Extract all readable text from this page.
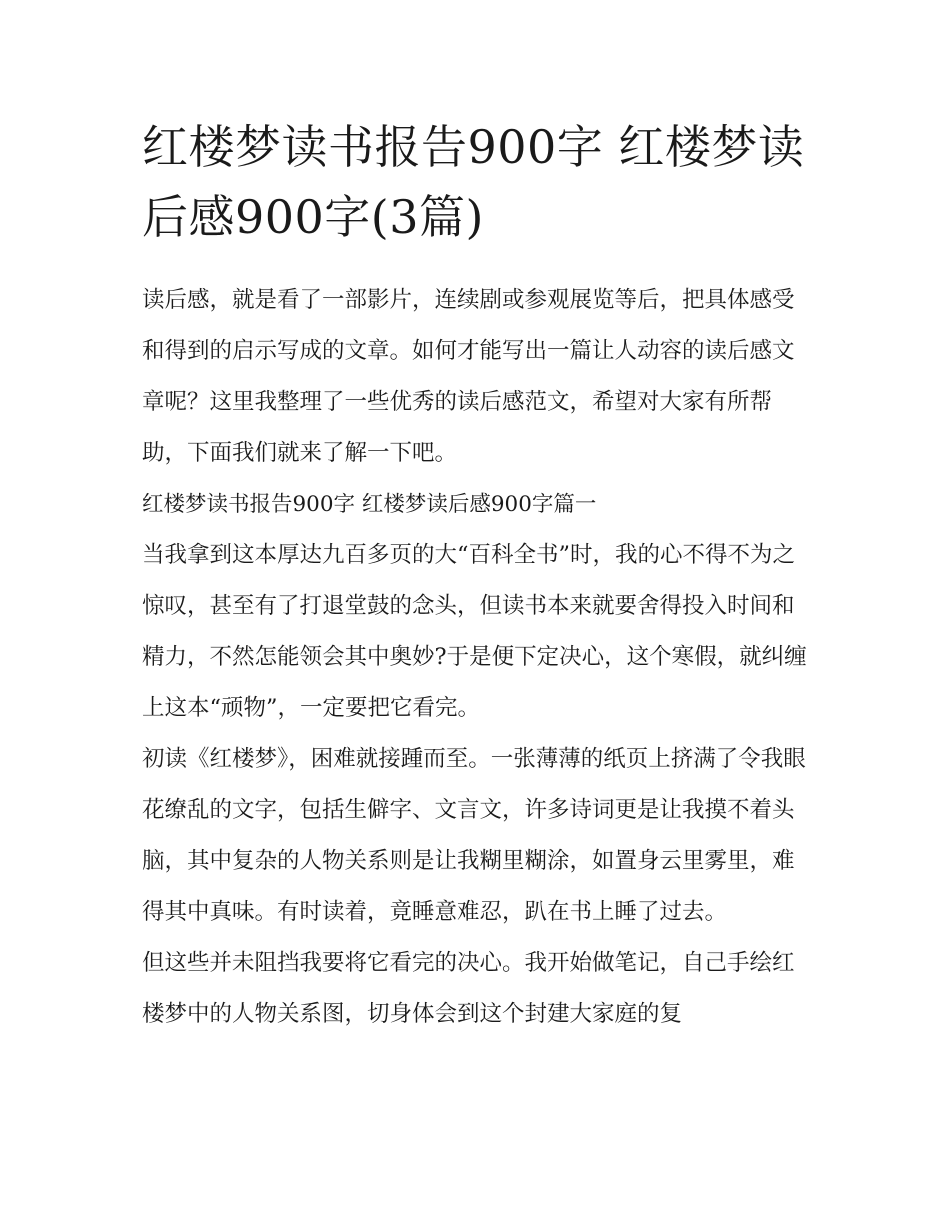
红楼梦读书报告900字 红楼梦读后感900字(3篇)

读后感，就是看了一部影片，连续剧或参观展览等后，把具体感受和得到的启示写成的文章。如何才能写出一篇让人动容的读后感文章呢？这里我整理了一些优秀的读后感范文，希望对大家有所帮助，下面我们就来了解一下吧。

红楼梦读书报告900字 红楼梦读后感900字篇一

当我拿到这本厚达九百多页的大“百科全书”时，我的心不得不为之惊叹，甚至有了打退堂鼓的念头，但读书本来就要舍得投入时间和精力，不然怎能领会其中奥妙?于是便下定决心，这个寒假，就纠缠上这本“顽物”，一定要把它看完。

初读《红楼梦》，困难就接踵而至。一张薄薄的纸页上挤满了令我眼花缭乱的文字，包括生僻字、文言文，许多诗词更是让我摸不着头脑，其中复杂的人物关系则是让我糊里糊涂，如置身云里雾里，难得其中真味。有时读着，竟睡意难忍，趴在书上睡了过去。

但这些并未阻挡我要将它看完的决心。我开始做笔记，自己手绘红楼梦中的人物关系图，切身体会到这个封建大家庭的复
